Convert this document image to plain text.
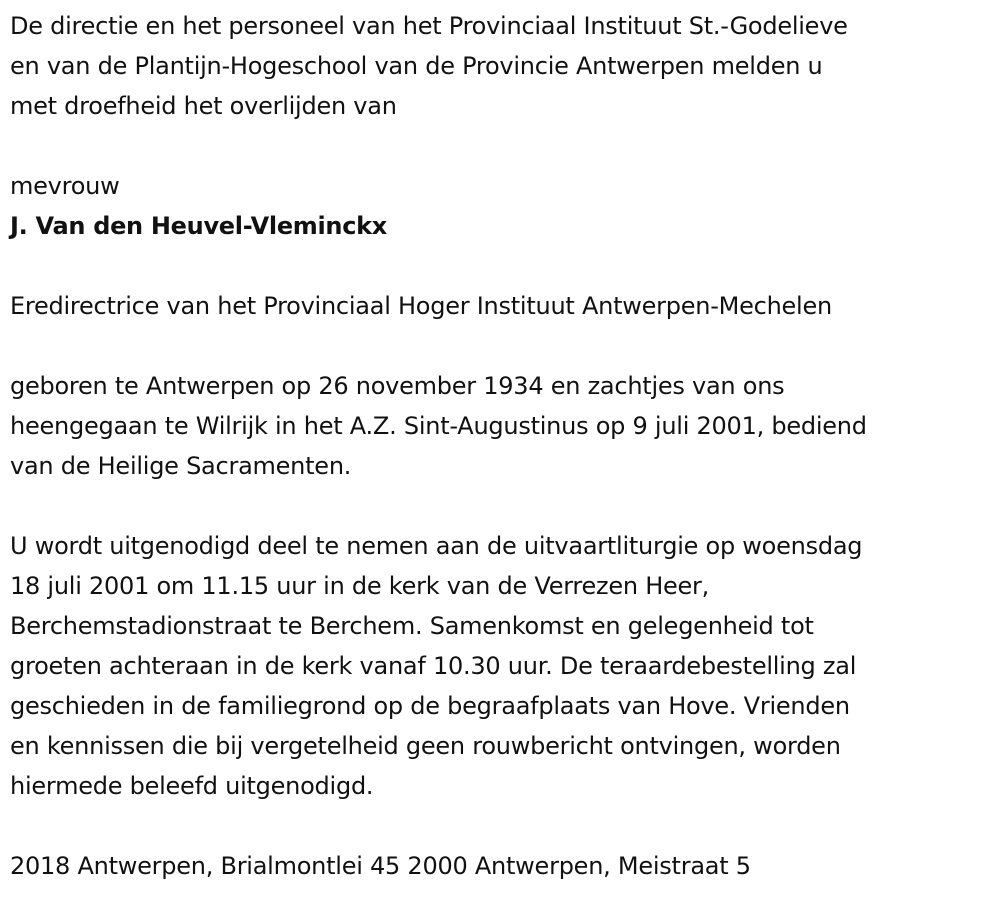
De directie en het personeel van het Provinciaal Instituut St.-Godelieve
en van de Plantijn-Hogeschool van de Provincie Antwerpen melden u
met droefheid het overlijden van
mevrouw
J. Van den Heuvel-Vleminckx
Eredirectrice van het Provinciaal Hoger Instituut Antwerpen-Mechelen
geboren te Antwerpen op 26 november 1934 en zachtjes van ons
heengegaan te Wilrijk in het A.Z. Sint-Augustinus op 9 juli 2001, bediend
van de Heilige Sacramenten.
U wordt uitgenodigd deel te nemen aan de uitvaartliturgie op woensdag
18 juli 2001 om 11.15 uur in de kerk van de Verrezen Heer,
Berchemstadionstraat te Berchem. Samenkomst en gelegenheid tot
groeten achteraan in de kerk vanaf 10.30 uur. De teraardebestelling zal
geschieden in de familiegrond op de begraafplaats van Hove. Vrienden
en kennissen die bij vergetelheid geen rouwbericht ontvingen, worden
hiermede beleefd uitgenodigd.
2018 Antwerpen, Brialmontlei 45 2000 Antwerpen, Meistraat 5
